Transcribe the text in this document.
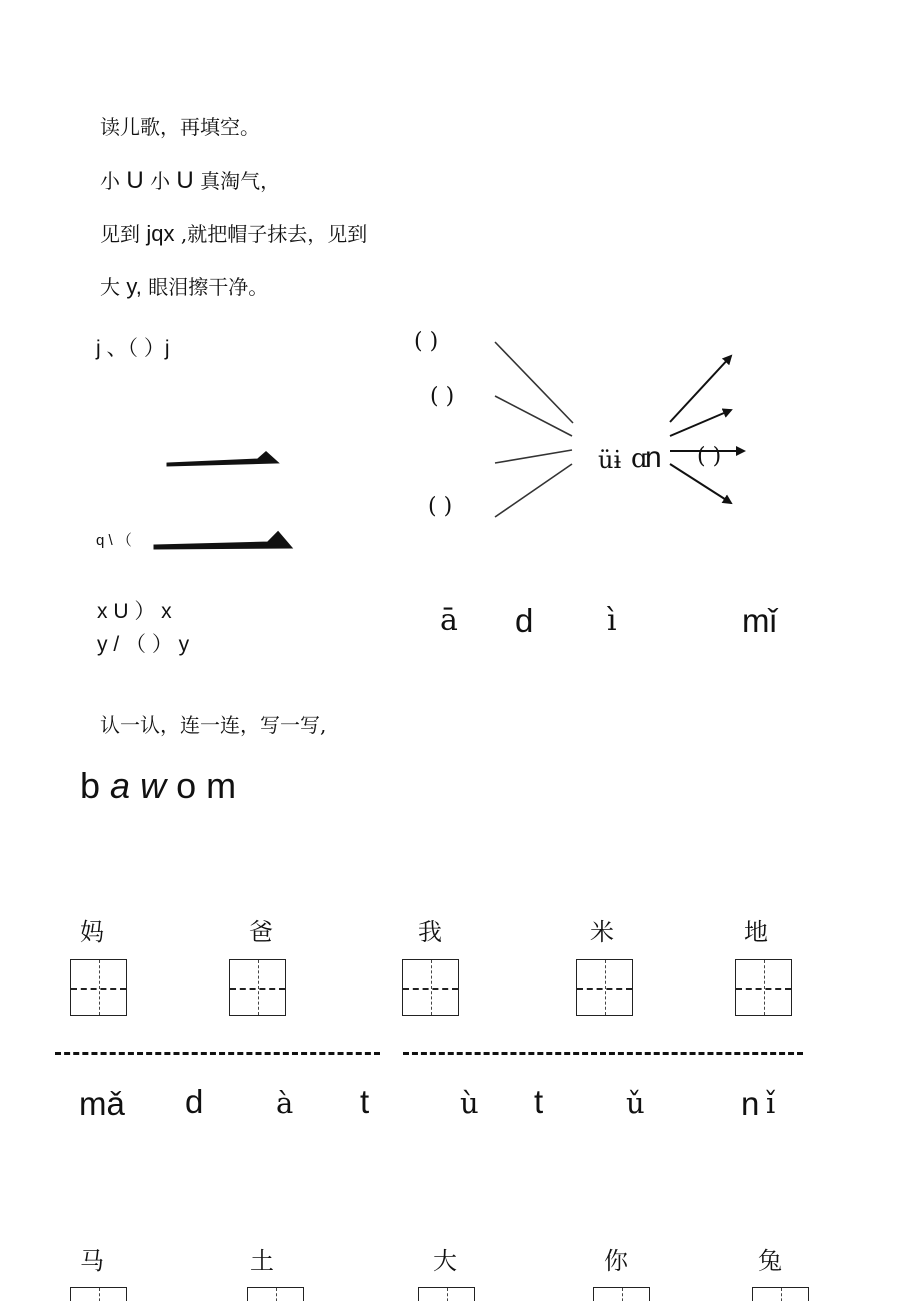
读儿歌，再填空。
小 U 小 U 真淘气，
见到 jqx ,就把帽子抹去，见到
大 y, 眼泪擦干净。
j 、（ ）j
q \ （
x U ） x
y / （ ） y
( )
( )
( )
üɨ ɑ
n ( )
ā d ì	mǐ
认一认，连一连，写一写,
b a w o m
妈	爸	我	米	地
mǎ d	à t	ù t	ǔ	n ǐ
马	土	大	你	兔
